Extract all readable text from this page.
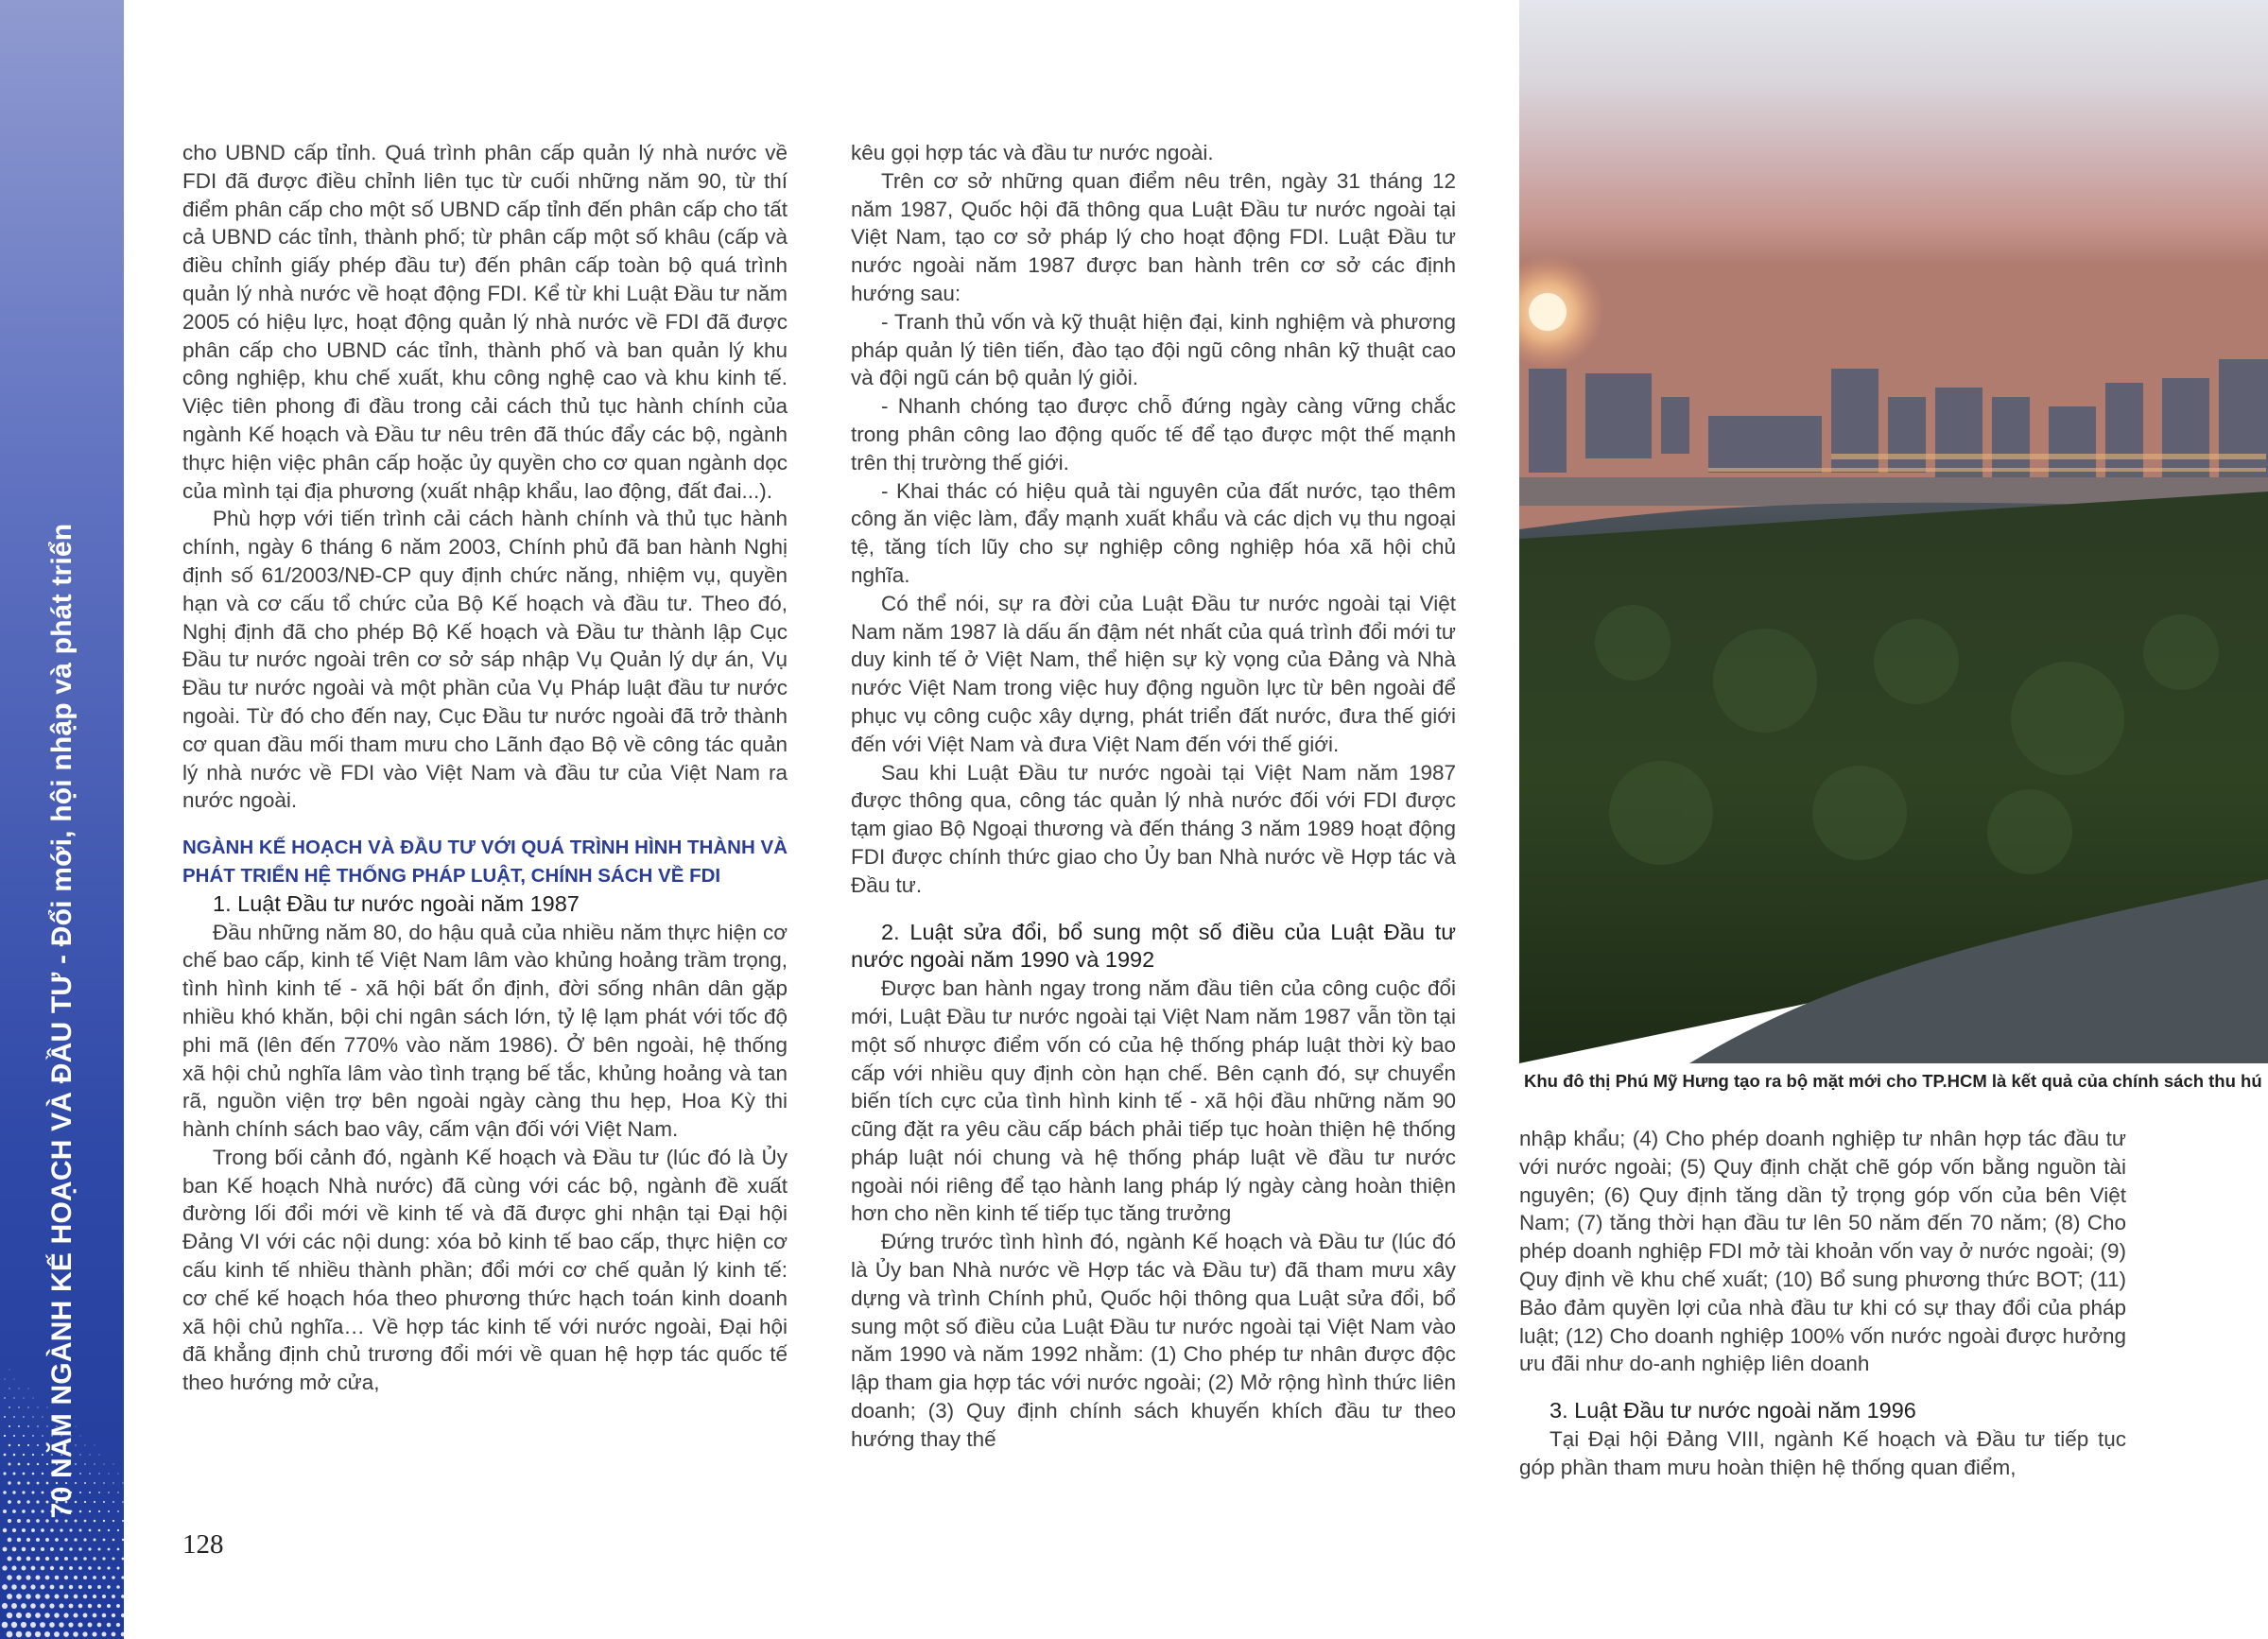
70 NĂM NGÀNH KẾ HOẠCH VÀ ĐẦU TƯ - Đổi mới, hội nhập và phát triển

cho UBND cấp tỉnh. Quá trình phân cấp quản lý nhà nước về FDI đã được điều chỉnh liên tục từ cuối những năm 90, từ thí điểm phân cấp cho một số UBND cấp tỉnh đến phân cấp cho tất cả UBND các tỉnh, thành phố; từ phân cấp một số khâu (cấp và điều chỉnh giấy phép đầu tư) đến phân cấp toàn bộ quá trình quản lý nhà nước về hoạt động FDI. Kể từ khi Luật Đầu tư năm 2005 có hiệu lực, hoạt động quản lý nhà nước về FDI đã được phân cấp cho UBND các tỉnh, thành phố và ban quản lý khu công nghiệp, khu chế xuất, khu công nghệ cao và khu kinh tế. Việc tiên phong đi đầu trong cải cách thủ tục hành chính của ngành Kế hoạch và Đầu tư nêu trên đã thúc đẩy các bộ, ngành thực hiện việc phân cấp hoặc ủy quyền cho cơ quan ngành dọc của mình tại địa phương (xuất nhập khẩu, lao động, đất đai...).

Phù hợp với tiến trình cải cách hành chính và thủ tục hành chính, ngày 6 tháng 6 năm 2003, Chính phủ đã ban hành Nghị định số 61/2003/NĐ-CP quy định chức năng, nhiệm vụ, quyền hạn và cơ cấu tổ chức của Bộ Kế hoạch và đầu tư. Theo đó, Nghị định đã cho phép Bộ Kế hoạch và Đầu tư thành lập Cục Đầu tư nước ngoài trên cơ sở sáp nhập Vụ Quản lý dự án, Vụ Đầu tư nước ngoài và một phần của Vụ Pháp luật đầu tư nước ngoài. Từ đó cho đến nay, Cục Đầu tư nước ngoài đã trở thành cơ quan đầu mối tham mưu cho Lãnh đạo Bộ về công tác quản lý nhà nước về FDI vào Việt Nam và đầu tư của Việt Nam ra nước ngoài.

NGÀNH KẾ HOẠCH VÀ ĐẦU TƯ VỚI QUÁ TRÌNH HÌNH THÀNH VÀ PHÁT TRIỂN HỆ THỐNG PHÁP LUẬT, CHÍNH SÁCH VỀ FDI

1. Luật Đầu tư nước ngoài năm 1987

Đầu những năm 80, do hậu quả của nhiều năm thực hiện cơ chế bao cấp, kinh tế Việt Nam lâm vào khủng hoảng trầm trọng, tình hình kinh tế - xã hội bất ổn định, đời sống nhân dân gặp nhiều khó khăn, bội chi ngân sách lớn, tỷ lệ lạm phát với tốc độ phi mã (lên đến 770% vào năm 1986). Ở bên ngoài, hệ thống xã hội chủ nghĩa lâm vào tình trạng bế tắc, khủng hoảng và tan rã, nguồn viện trợ bên ngoài ngày càng thu hẹp, Hoa Kỳ thi hành chính sách bao vây, cấm vận đối với Việt Nam.

Trong bối cảnh đó, ngành Kế hoạch và Đầu tư (lúc đó là Ủy ban Kế hoạch Nhà nước) đã cùng với các bộ, ngành đề xuất đường lối đổi mới về kinh tế và đã được ghi nhận tại Đại hội Đảng VI với các nội dung: xóa bỏ kinh tế bao cấp, thực hiện cơ cấu kinh tế nhiều thành phần; đổi mới cơ chế quản lý kinh tế: cơ chế kế hoạch hóa theo phương thức hạch toán kinh doanh xã hội chủ nghĩa… Về hợp tác kinh tế với nước ngoài, Đại hội đã khẳng định chủ trương đổi mới về quan hệ hợp tác quốc tế theo hướng mở cửa,

128

kêu gọi hợp tác và đầu tư nước ngoài.

Trên cơ sở những quan điểm nêu trên, ngày 31 tháng 12 năm 1987, Quốc hội đã thông qua Luật Đầu tư nước ngoài tại Việt Nam, tạo cơ sở pháp lý cho hoạt động FDI. Luật Đầu tư nước ngoài năm 1987 được ban hành trên cơ sở các định hướng sau:

- Tranh thủ vốn và kỹ thuật hiện đại, kinh nghiệm và phương pháp quản lý tiên tiến, đào tạo đội ngũ công nhân kỹ thuật cao và đội ngũ cán bộ quản lý giỏi.

- Nhanh chóng tạo được chỗ đứng ngày càng vững chắc trong phân công lao động quốc tế để tạo được một thế mạnh trên thị trường thế giới.

- Khai thác có hiệu quả tài nguyên của đất nước, tạo thêm công ăn việc làm, đẩy mạnh xuất khẩu và các dịch vụ thu ngoại tệ, tăng tích lũy cho sự nghiệp công nghiệp hóa xã hội chủ nghĩa.

Có thể nói, sự ra đời của Luật Đầu tư nước ngoài tại Việt Nam năm 1987 là dấu ấn đậm nét nhất của quá trình đổi mới tư duy kinh tế ở Việt Nam, thể hiện sự kỳ vọng của Đảng và Nhà nước Việt Nam trong việc huy động nguồn lực từ bên ngoài để phục vụ công cuộc xây dựng, phát triển đất nước, đưa thế giới đến với Việt Nam và đưa Việt Nam đến với thế giới.

Sau khi Luật Đầu tư nước ngoài tại Việt Nam năm 1987 được thông qua, công tác quản lý nhà nước đối với FDI được tạm giao Bộ Ngoại thương và đến tháng 3 năm 1989 hoạt động FDI được chính thức giao cho Ủy ban Nhà nước về Hợp tác và Đầu tư.

2. Luật sửa đổi, bổ sung một số điều của Luật Đầu tư nước ngoài năm 1990 và 1992

Được ban hành ngay trong năm đầu tiên của công cuộc đổi mới, Luật Đầu tư nước ngoài tại Việt Nam năm 1987 vẫn tồn tại một số nhược điểm vốn có của hệ thống pháp luật thời kỳ bao cấp với nhiều quy định còn hạn chế. Bên cạnh đó, sự chuyển biến tích cực của tình hình kinh tế - xã hội đầu những năm 90 cũng đặt ra yêu cầu cấp bách phải tiếp tục hoàn thiện hệ thống pháp luật nói chung và hệ thống pháp luật về đầu tư nước ngoài nói riêng để tạo hành lang pháp lý ngày càng hoàn thiện hơn cho nền kinh tế tiếp tục tăng trưởng

Đứng trước tình hình đó, ngành Kế hoạch và Đầu tư (lúc đó là Ủy ban Nhà nước về Hợp tác và Đầu tư) đã tham mưu xây dựng và trình Chính phủ, Quốc hội thông qua Luật sửa đổi, bổ sung một số điều của Luật Đầu tư nước ngoài tại Việt Nam vào năm 1990 và năm 1992 nhằm: (1) Cho phép tư nhân được độc lập tham gia hợp tác với nước ngoài; (2) Mở rộng hình thức liên doanh; (3) Quy định chính sách khuyến khích đầu tư theo hướng thay thế

Khu đô thị Phú Mỹ Hưng tạo ra bộ mặt mới cho TP.HCM là kết quả của chính sách thu hú

nhập khẩu; (4) Cho phép doanh nghiệp tư nhân hợp tác đầu tư với nước ngoài; (5) Quy định chặt chẽ góp vốn bằng nguồn tài nguyên; (6) Quy định tăng dần tỷ trọng góp vốn của bên Việt Nam; (7) tăng thời hạn đầu tư lên 50 năm đến 70 năm; (8) Cho phép doanh nghiệp FDI mở tài khoản vốn vay ở nước ngoài; (9) Quy định về khu chế xuất; (10) Bổ sung phương thức BOT; (11) Bảo đảm quyền lợi của nhà đầu tư khi có sự thay đổi của pháp luật; (12) Cho doanh nghiệp 100% vốn nước ngoài được hưởng ưu đãi như do-anh nghiệp liên doanh

3. Luật Đầu tư nước ngoài năm 1996

Tại Đại hội Đảng VIII, ngành Kế hoạch và Đầu tư tiếp tục góp phần tham mưu hoàn thiện hệ thống quan điểm,
